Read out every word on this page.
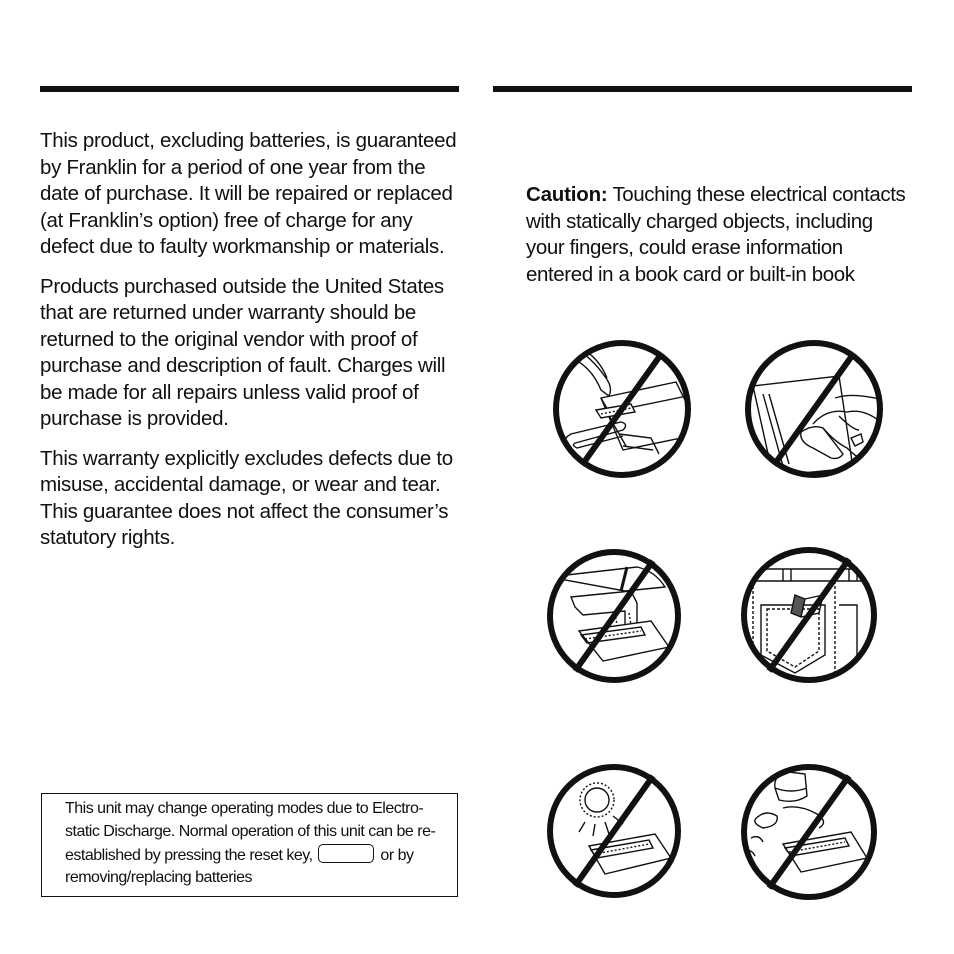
This product, excluding batteries, is guaranteed by Franklin for a period of one year from the date of purchase. It will be repaired or replaced (at Franklin’s option) free of charge for any defect due to faulty workmanship or materials.

Products purchased outside the United States that are returned under warranty should be returned to the original vendor with proof of purchase and description of fault. Charges will be made for all repairs unless valid proof of purchase is provided.

This warranty explicitly excludes defects due to misuse, accidental damage, or wear and tear. This guarantee does not affect the consumer’s statutory rights.

Caution: Touching these electrical contacts with statically charged objects, including your fingers, could erase information entered in a book card or built-in book
This unit may change operating modes due to Electro-static Discharge. Normal operation of this unit can be re-established by pressing the reset key,	or by removing/replacing batteries
